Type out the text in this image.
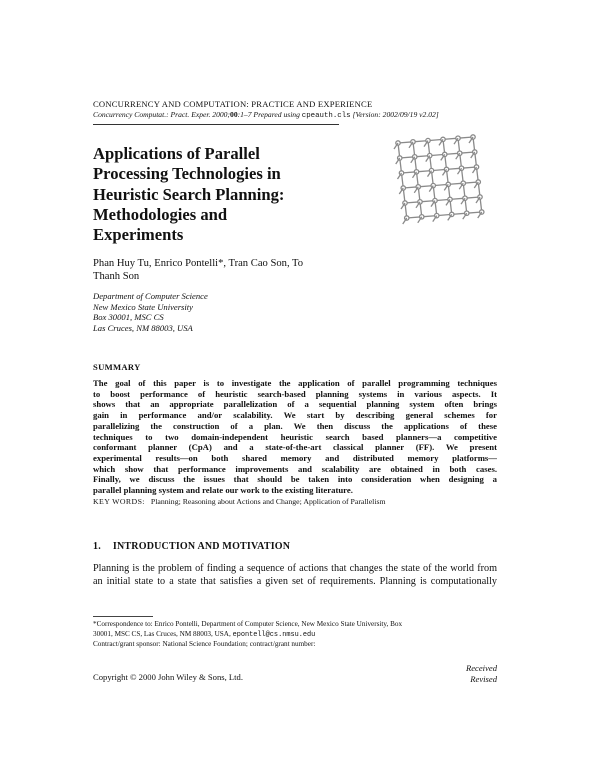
CONCURRENCY AND COMPUTATION: PRACTICE AND EXPERIENCE
Concurrency Computat.: Pract. Exper. 2000;00:1–7 Prepared using cpeauth.cls [Version: 2002/09/19 v2.02]
Applications of Parallel
Processing Technologies in
Heuristic Search Planning:
Methodologies and
Experiments
Phan Huy Tu, Enrico Pontelli*, Tran Cao Son, To
Thanh Son
Department of Computer Science
New Mexico State University
Box 30001, MSC CS
Las Cruces, NM 88003, USA
SUMMARY
The goal of this paper is to investigate the application of parallel programming techniques
to boost performance of heuristic search-based planning systems in various aspects. It
shows that an appropriate parallelization of a sequential planning system often brings
gain in performance and/or scalability. We start by describing general schemes for
parallelizing the construction of a plan. We then discuss the applications of these
techniques to two domain-independent heuristic search based planners—a competitive
conformant planner (CpA) and a state-of-the-art classical planner (FF). We present
experimental results—on both shared memory and distributed memory platforms—
which show that performance improvements and scalability are obtained in both cases.
Finally, we discuss the issues that should be taken into consideration when designing a
parallel planning system and relate our work to the existing literature.
KEY WORDS: Planning; Reasoning about Actions and Change; Application of Parallelism
1. INTRODUCTION AND MOTIVATION
Planning is the problem of finding a sequence of actions that changes the state of the world from
an initial state to a state that satisfies a given set of requirements. Planning is computationally
*Correspondence to: Enrico Pontelli, Department of Computer Science, New Mexico State University, Box
30001, MSC CS, Las Cruces, NM 88003, USA, epontell@cs.nmsu.edu
Contract/grant sponsor: National Science Foundation; contract/grant number:
Copyright © 2000 John Wiley & Sons, Ltd.
Received
Revised
